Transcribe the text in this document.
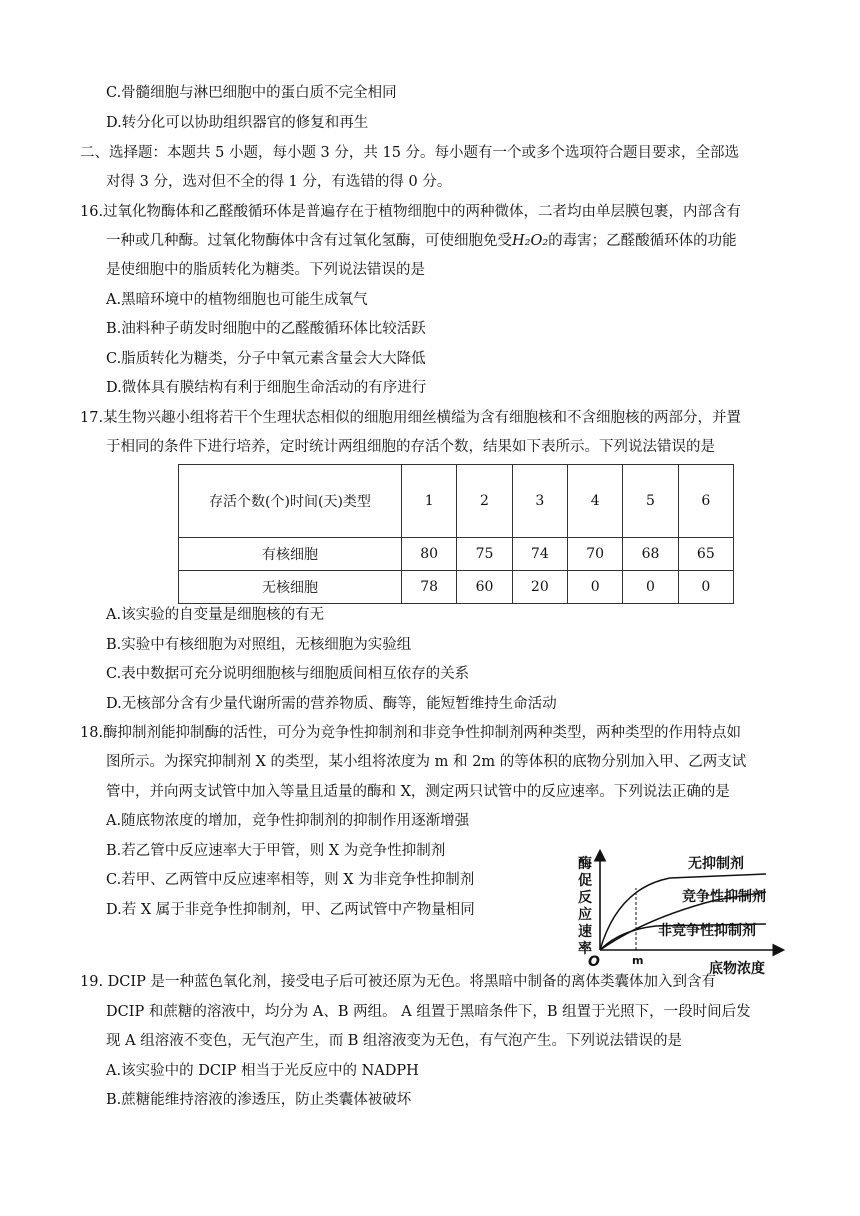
C.骨髓细胞与淋巴细胞中的蛋白质不完全相同
D.转分化可以协助组织器官的修复和再生
二、选择题：本题共 5 小题，每小题 3 分，共 15 分。每小题有一个或多个选项符合题目要求，全部选
对得 3 分，选对但不全的得 1 分，有选错的得 0 分。
16.过氧化物酶体和乙醛酸循环体是普遍存在于植物细胞中的两种微体，二者均由单层膜包裹，内部含有
一种或几种酶。过氧化物酶体中含有过氧化氢酶，可使细胞免受H₂O₂的毒害；乙醛酸循环体的功能
是使细胞中的脂质转化为糖类。下列说法错误的是
A.黑暗环境中的植物细胞也可能生成氧气
B.油料种子萌发时细胞中的乙醛酸循环体比较活跃
C.脂质转化为糖类，分子中氧元素含量会大大降低
D.微体具有膜结构有利于细胞生命活动的有序进行
17.某生物兴趣小组将若干个生理状态相似的细胞用细丝横缢为含有细胞核和不含细胞核的两部分，并置
于相同的条件下进行培养，定时统计两组细胞的存活个数，结果如下表所示。下列说法错误的是
存活个数(个)时间(天)类型	1	2	3	4	5	6
有核细胞	80	75	74	70	68	65
无核细胞	78	60	20	0	0	0
A.该实验的自变量是细胞核的有无
B.实验中有核细胞为对照组，无核细胞为实验组
C.表中数据可充分说明细胞核与细胞质间相互依存的关系
D.无核部分含有少量代谢所需的营养物质、酶等，能短暂维持生命活动
18.酶抑制剂能抑制酶的活性，可分为竞争性抑制剂和非竞争性抑制剂两种类型，两种类型的作用特点如
图所示。为探究抑制剂 X 的类型，某小组将浓度为 m 和 2m 的等体积的底物分别加入甲、乙两支试
管中，并向两支试管中加入等量且适量的酶和 X，测定两只试管中的反应速率。下列说法正确的是
A.随底物浓度的增加，竞争性抑制剂的抑制作用逐渐增强
B.若乙管中反应速率大于甲管，则 X 为竞争性抑制剂
C.若甲、乙两管中反应速率相等，则 X 为非竞争性抑制剂
D.若 X 属于非竞争性抑制剂，甲、乙两试管中产物量相同
酶
促
反
应
速
率
O	底物浓度
无抑制剂
竞争性抑制剂
非竞争性抑制剂
m
19. DCIP 是一种蓝色氧化剂，接受电子后可被还原为无色。将黑暗中制备的离体类囊体加入到含有
DCIP 和蔗糖的溶液中，均分为 A、B 两组。 A 组置于黑暗条件下，B 组置于光照下，一段时间后发
现 A 组溶液不变色，无气泡产生，而 B 组溶液变为无色，有气泡产生。下列说法错误的是
A.该实验中的 DCIP 相当于光反应中的 NADPH
B.蔗糖能维持溶液的渗透压，防止类囊体被破坏
